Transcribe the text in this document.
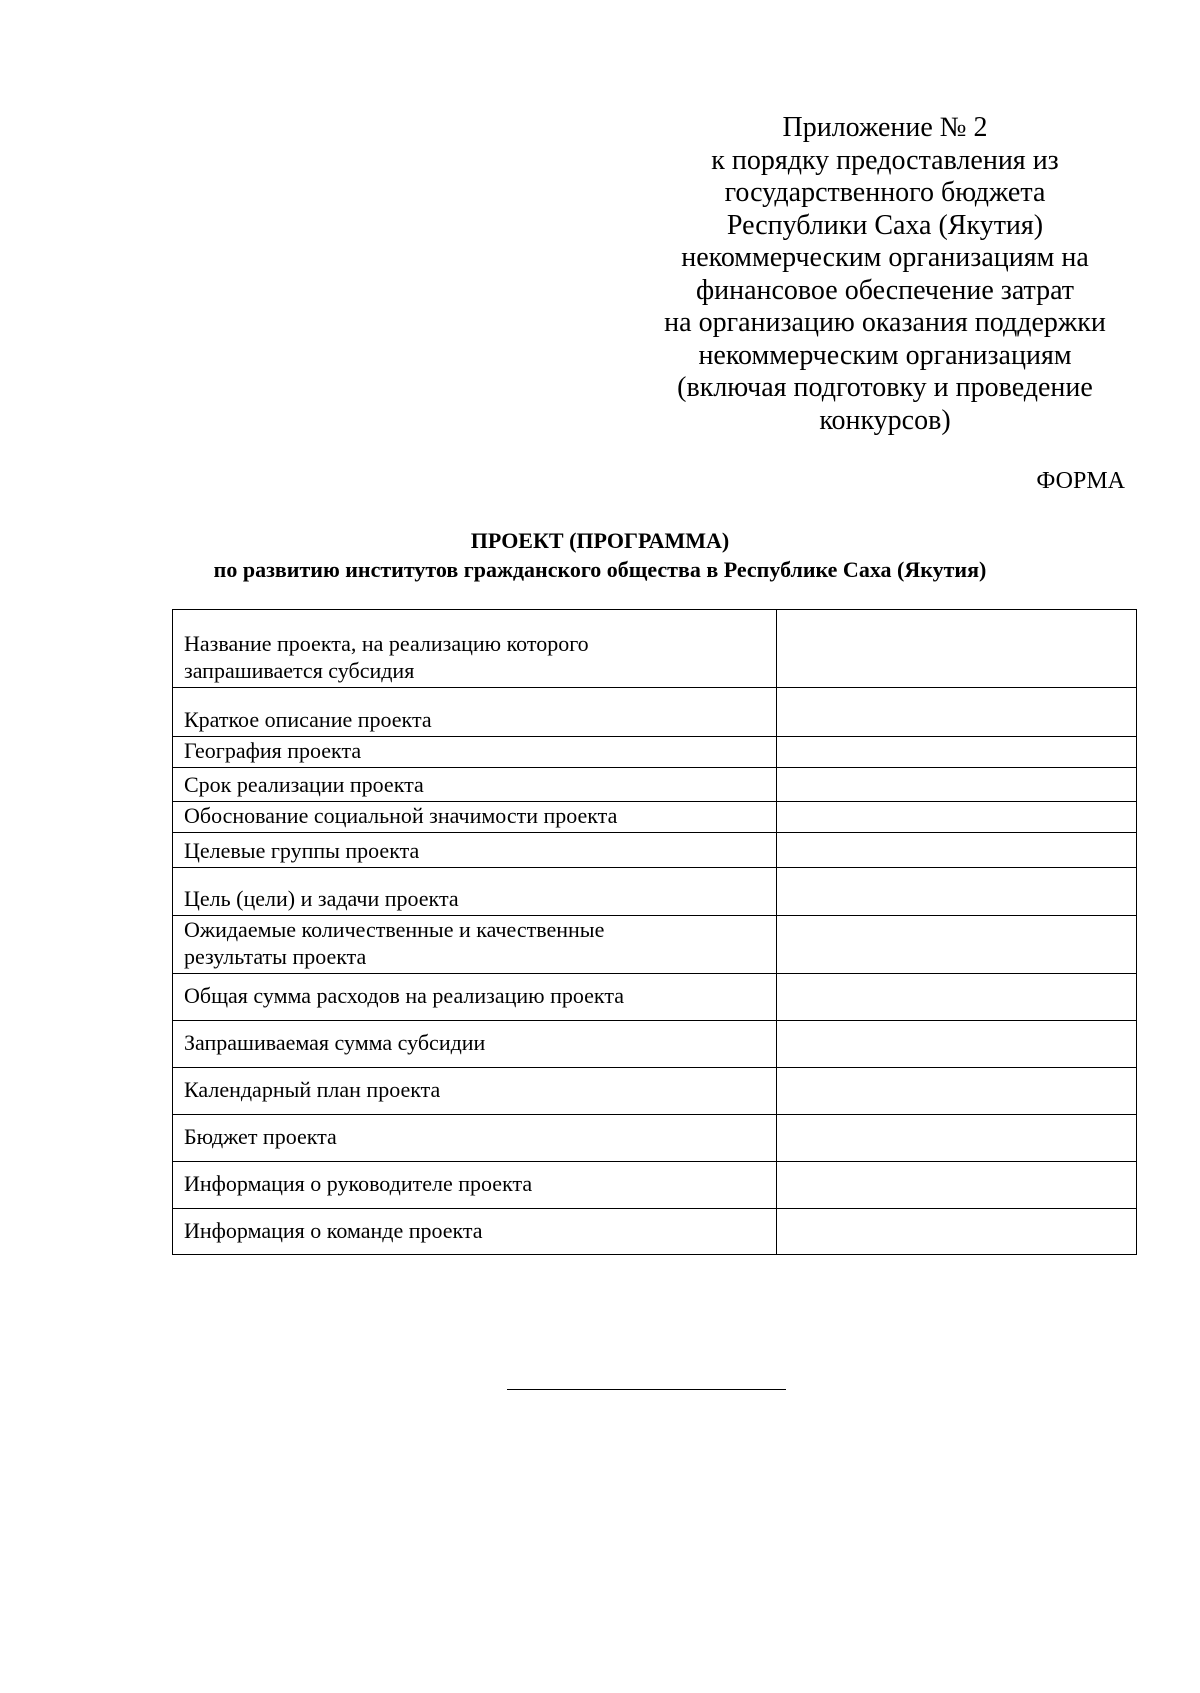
Приложение № 2
к порядку предоставления из
государственного бюджета
Республики Саха (Якутия)
некоммерческим организациям на
финансовое обеспечение затрат
на организацию оказания поддержки
некоммерческим организациям
(включая подготовку и проведение
конкурсов)
ФОРМА
ПРОЕКТ (ПРОГРАММА)
по развитию институтов гражданского общества в Республике Саха (Якутия)
Название проекта, на реализацию которого
запрашивается субсидия	

Краткое описание проекта	

География проекта	

Срок реализации проекта	

Обоснование социальной значимости проекта	

Целевые группы проекта	

Цель (цели) и задачи проекта	

Ожидаемые количественные и качественные
результаты проекта	

Общая сумма расходов на реализацию проекта	

Запрашиваемая сумма субсидии	

Календарный план проекта	

Бюджет проекта	

Информация о руководителе проекта	

Информация о команде проекта	
